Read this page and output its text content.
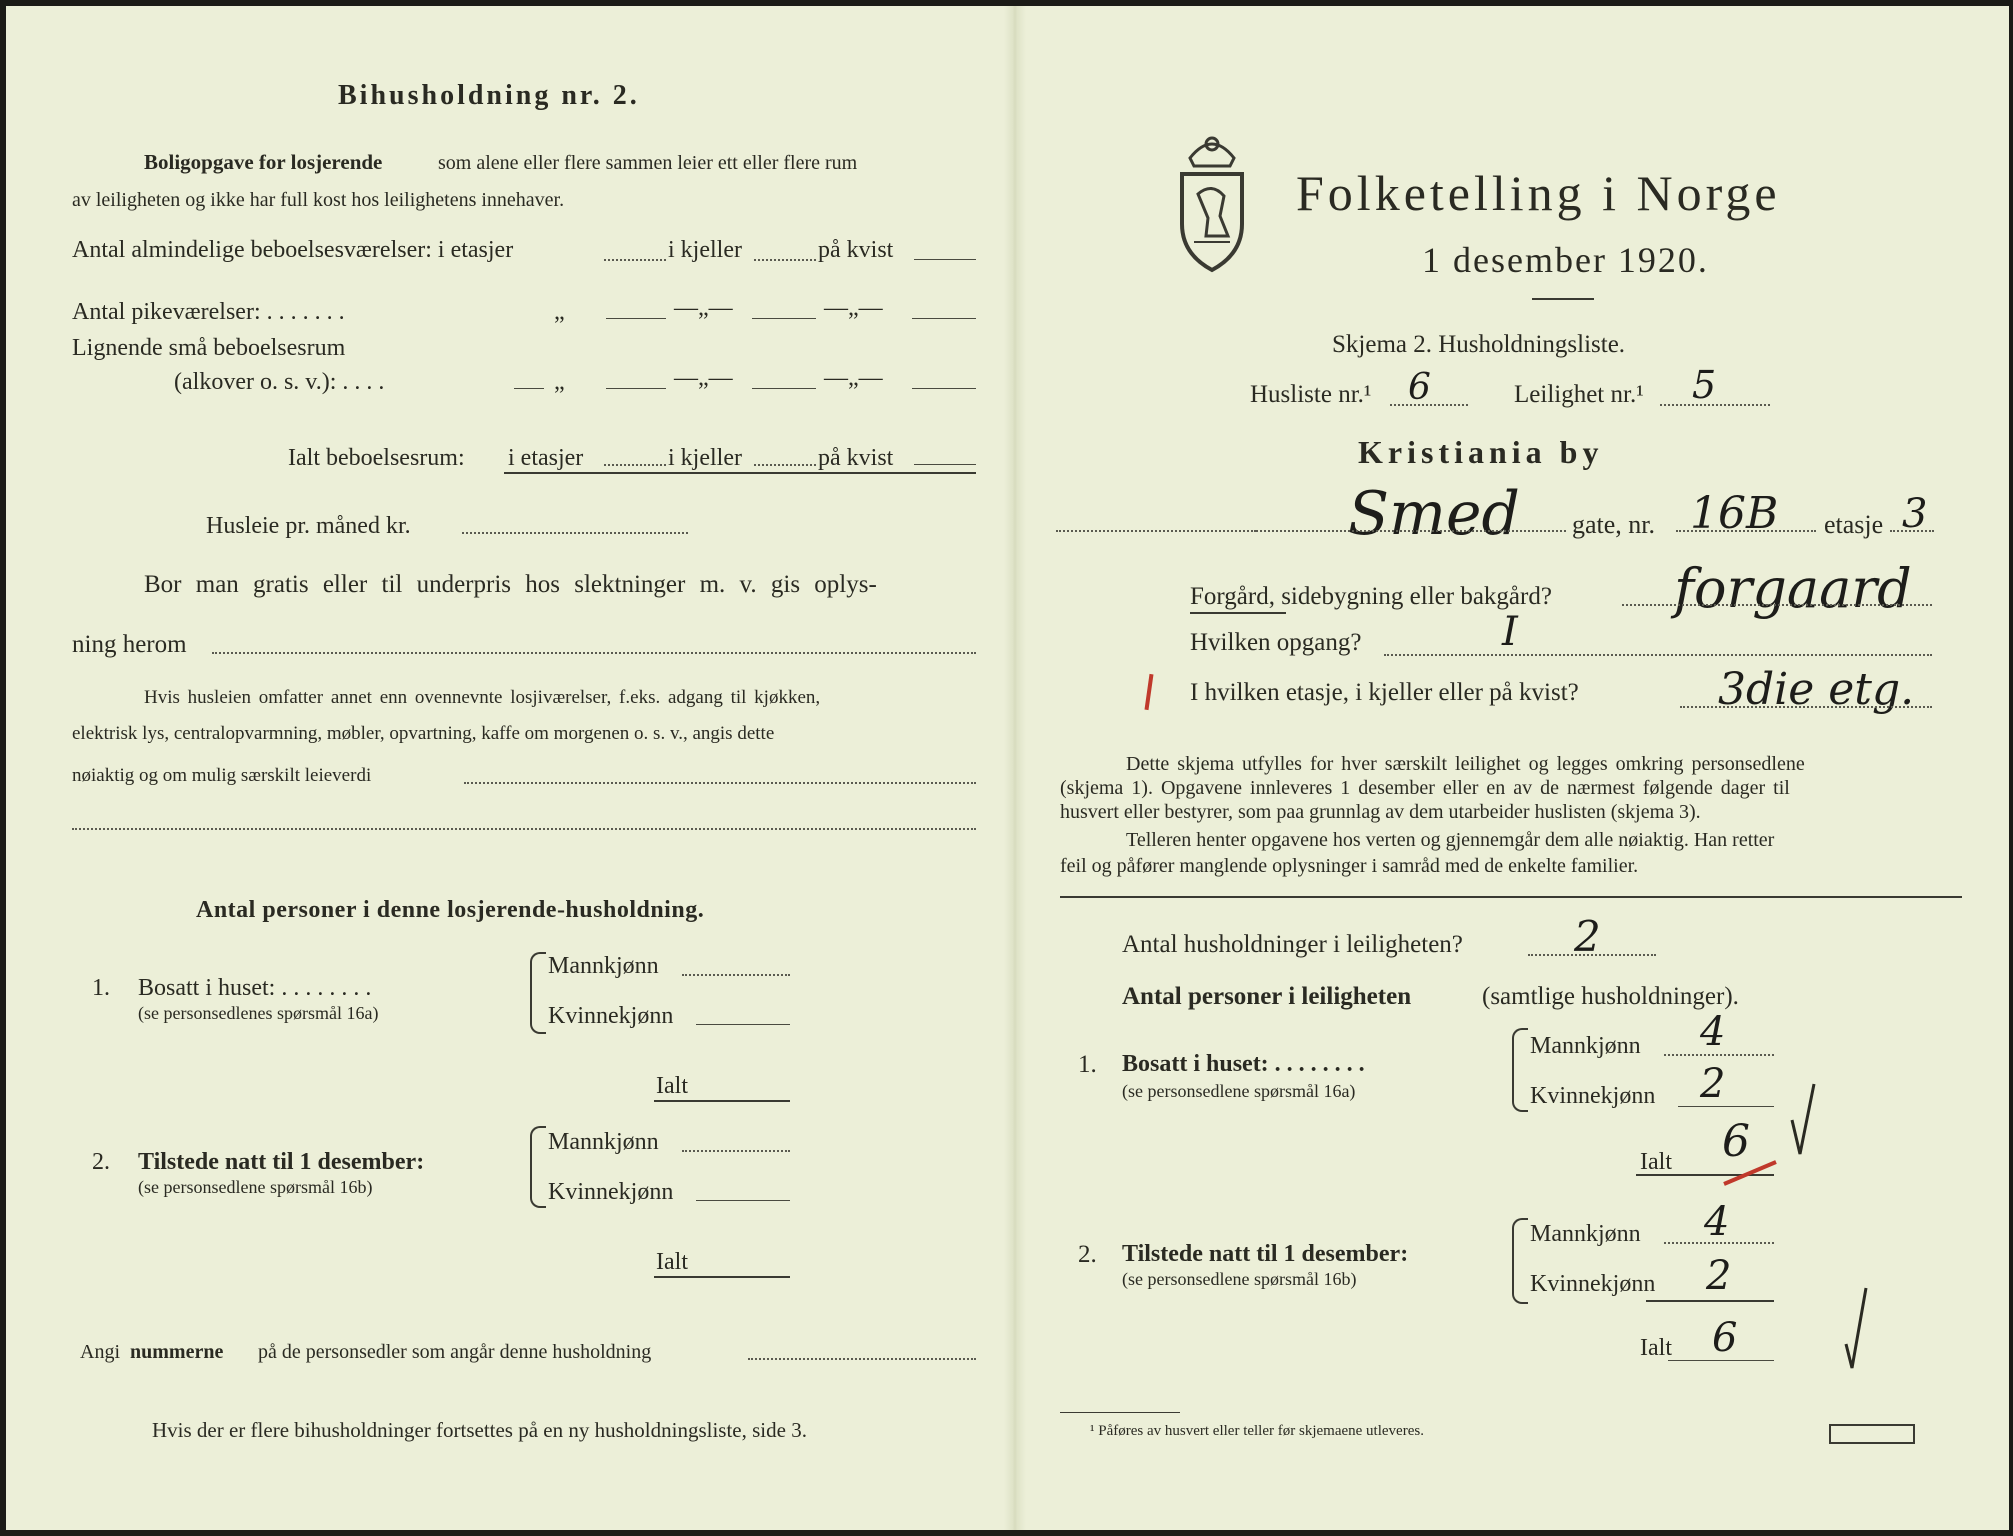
Bihusholdning nr. 2.
Boligopgave for losjerende	som alene eller flere sammen leier ett eller flere rum
av leiligheten og ikke har full kost hos leilighetens innehaver.
Antal almindelige beboelsesværelser: i etasjer	i kjeller	på kvist
Antal pikeværelser: . . . . . . .	„	—„—	—„—
Lignende små beboelsesrum
(alkover o. s. v.): . . . .	„	—„—	—„—
Ialt beboelsesrum: i etasjer	i kjeller	på kvist
Husleie pr. måned kr.
Bor man gratis eller til underpris hos slektninger m. v. gis oplys-
ning herom
Hvis husleien omfatter annet enn ovennevnte losjiværelser, f.eks. adgang til kjøkken,
elektrisk lys, centralopvarmning, møbler, opvartning, kaffe om morgenen o. s. v., angis dette
nøiaktig og om mulig særskilt leieverdi
Antal personer i denne losjerende-husholdning.
1. Bosatt i huset: . . . . . . . .
(se personsedlenes spørsmål 16a)
Mannkjønn
Kvinnekjønn
Ialt
2. Tilstede natt til 1 desember:
(se personsedlene spørsmål 16b)
Mannkjønn
Kvinnekjønn
Ialt
Angi nummerne på de personsedler som angår denne husholdning
Hvis der er flere bihusholdninger fortsettes på en ny husholdningsliste, side 3.
Folketelling i Norge
1 desember 1920.
Skjema 2. Husholdningsliste.
Husliste nr.¹ 6	Leilighet nr.¹ 5
Kristiania by
Smed gate, nr. 16B etasje 3
Forgård, sidebygning eller bakgård? forgaard
Hvilken opgang?	I
I hvilken etasje, i kjeller eller på kvist?	3die etg.
Dette skjema utfylles for hver særskilt leilighet og legges omkring personsedlene
(skjema 1). Opgavene innleveres 1 desember eller en av de nærmest følgende dager til
husvert eller bestyrer, som paa grunnlag av dem utarbeider huslisten (skjema 3).
Telleren henter opgavene hos verten og gjennemgår dem alle nøiaktig. Han retter
feil og påfører manglende oplysninger i samråd med de enkelte familier.
Antal husholdninger i leiligheten?	2
Antal personer i leiligheten	(samtlige husholdninger).
1. Bosatt i huset: . . . . . . . .
(se personsedlene spørsmål 16a)
Mannkjønn 4
Kvinnekjønn 2
Ialt 6
2. Tilstede natt til 1 desember:
(se personsedlene spørsmål 16b)
Mannkjønn 4
Kvinnekjønn 2
Ialt 6
¹ Påføres av husvert eller teller før skjemaene utleveres.
